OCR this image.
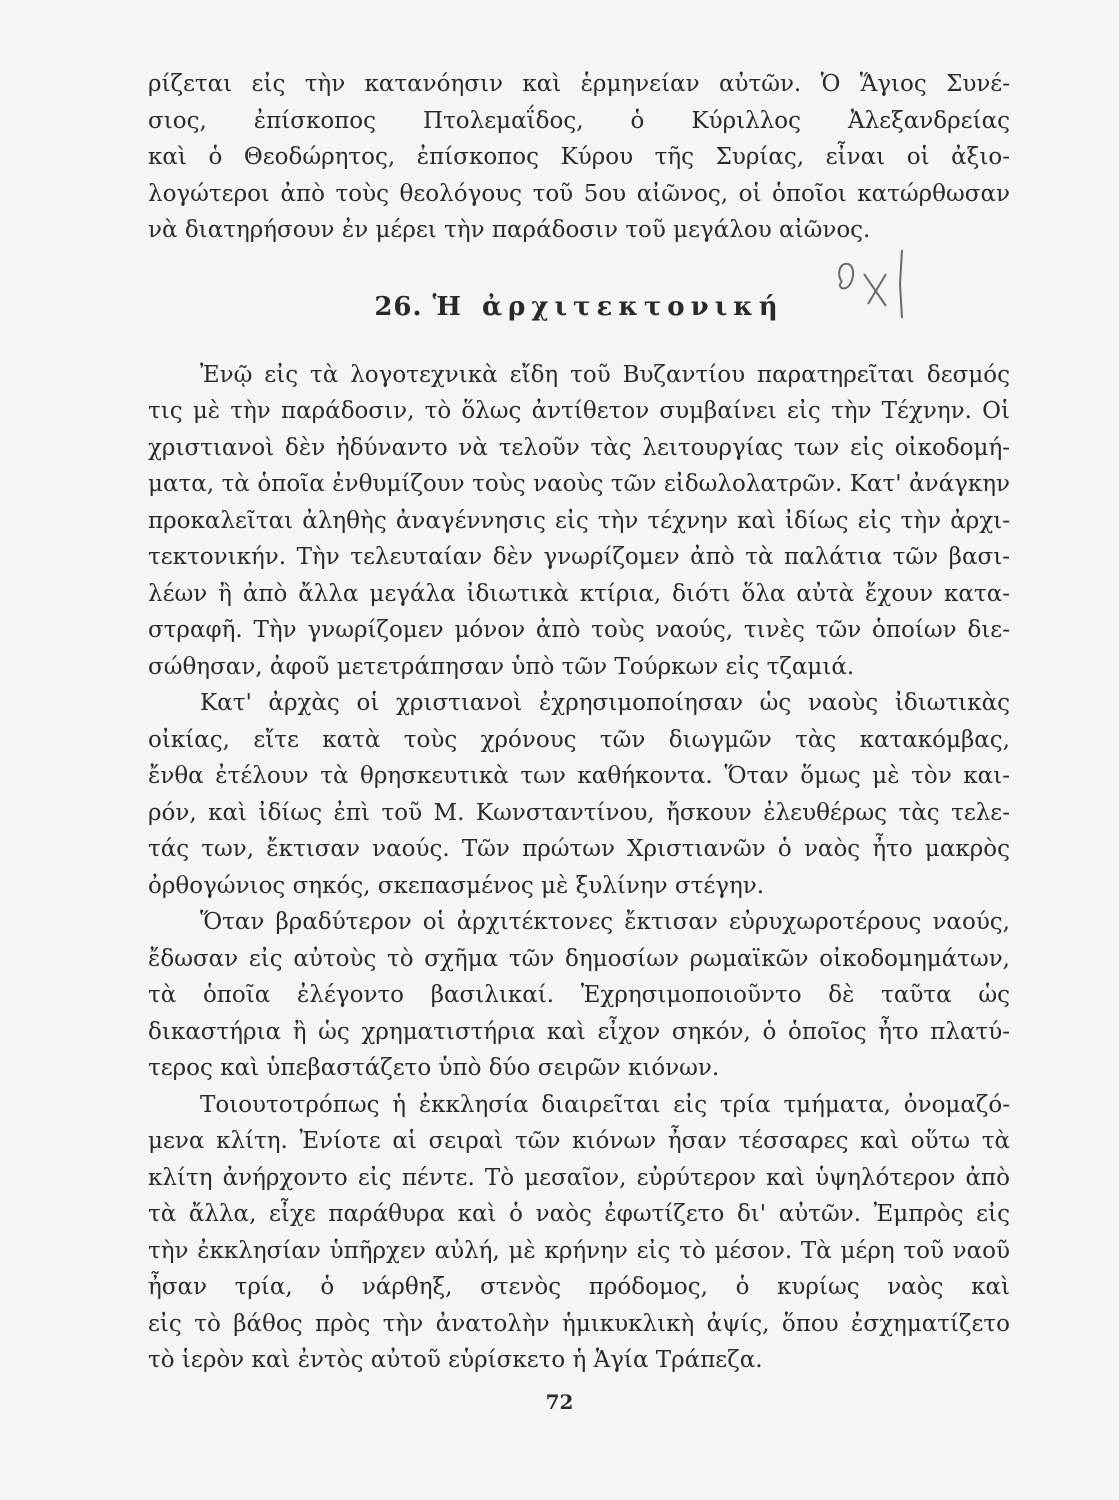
ρίζεται εἰς τὴν κατανόησιν καὶ ἑρμηνείαν αὐτῶν. Ὁ Ἅγιος Συνέ-
σιος, ἐπίσκοπος Πτολεμαΐδος, ὁ Κύριλλος Ἀλεξανδρείας
καὶ ὁ Θεοδώρητος, ἐπίσκοπος Κύρου τῆς Συρίας, εἶναι οἱ ἀξιο-
λογώτεροι ἀπὸ τοὺς θεολόγους τοῦ 5ου αἰῶνος, οἱ ὁποῖοι κατώρθωσαν
νὰ διατηρήσουν ἐν μέρει τὴν παράδοσιν τοῦ μεγάλου αἰῶνος.
26. Ἡ ἀρχιτεκτονική
Ἐνῷ εἰς τὰ λογοτεχνικὰ εἴδη τοῦ Βυζαντίου παρατηρεῖται δεσμός
τις μὲ τὴν παράδοσιν, τὸ ὅλως ἀντίθετον συμβαίνει εἰς τὴν Τέχνην. Οἱ
χριστιανοὶ δὲν ἠδύναντο νὰ τελοῦν τὰς λειτουργίας των εἰς οἰκοδομή-
ματα, τὰ ὁποῖα ἐνθυμίζουν τοὺς ναοὺς τῶν εἰδωλολατρῶν. Κατ' ἀνάγκην
προκαλεῖται ἀληθὴς ἀναγέννησις εἰς τὴν τέχνην καὶ ἰδίως εἰς τὴν ἀρχι-
τεκτονικήν. Τὴν τελευταίαν δὲν γνωρίζομεν ἀπὸ τὰ παλάτια τῶν βασι-
λέων ἢ ἀπὸ ἄλλα μεγάλα ἰδιωτικὰ κτίρια, διότι ὅλα αὐτὰ ἔχουν κατα-
στραφῆ. Τὴν γνωρίζομεν μόνον ἀπὸ τοὺς ναούς, τινὲς τῶν ὁποίων διε-
σώθησαν, ἀφοῦ μετετράπησαν ὑπὸ τῶν Τούρκων εἰς τζαμιά.
Κατ' ἀρχὰς οἱ χριστιανοὶ ἐχρησιμοποίησαν ὡς ναοὺς ἰδιωτικὰς
οἰκίας, εἴτε κατὰ τοὺς χρόνους τῶν διωγμῶν τὰς κατακόμβας,
ἔνθα ἐτέλουν τὰ θρησκευτικὰ των καθήκοντα. Ὅταν ὅμως μὲ τὸν και-
ρόν, καὶ ἰδίως ἐπὶ τοῦ Μ. Κωνσταντίνου, ἤσκουν ἐλευθέρως τὰς τελε-
τάς των, ἔκτισαν ναούς. Τῶν πρώτων Χριστιανῶν ὁ ναὸς ἦτο μακρὸς
ὀρθογώνιος σηκός, σκεπασμένος μὲ ξυλίνην στέγην.
Ὅταν βραδύτερον οἱ ἀρχιτέκτονες ἔκτισαν εὐρυχωροτέρους ναούς,
ἔδωσαν εἰς αὐτοὺς τὸ σχῆμα τῶν δημοσίων ρωμαϊκῶν οἰκοδομημάτων,
τὰ ὁποῖα ἐλέγοντο βασιλικαί. Ἐχρησιμοποιοῦντο δὲ ταῦτα ὡς
δικαστήρια ἢ ὡς χρηματιστήρια καὶ εἶχον σηκόν, ὁ ὁποῖος ἦτο πλατύ-
τερος καὶ ὑπεβαστάζετο ὑπὸ δύο σειρῶν κιόνων.
Τοιουτοτρόπως ἡ ἐκκλησία διαιρεῖται εἰς τρία τμήματα, ὀνομαζό-
μενα κλίτη. Ἐνίοτε αἱ σειραὶ τῶν κιόνων ἦσαν τέσσαρες καὶ οὕτω τὰ
κλίτη ἀνήρχοντο εἰς πέντε. Τὸ μεσαῖον, εὐρύτερον καὶ ὑψηλότερον ἀπὸ
τὰ ἄλλα, εἶχε παράθυρα καὶ ὁ ναὸς ἐφωτίζετο δι' αὐτῶν. Ἐμπρὸς εἰς
τὴν ἐκκλησίαν ὑπῆρχεν αὐλή, μὲ κρήνην εἰς τὸ μέσον. Τὰ μέρη τοῦ ναοῦ
ἦσαν τρία, ὁ νάρθηξ, στενὸς πρόδομος, ὁ κυρίως ναὸς καὶ
εἰς τὸ βάθος πρὸς τὴν ἀνατολὴν ἡμικυκλικὴ ἀψίς, ὅπου ἐσχηματίζετο
τὸ ἱερὸν καὶ ἐντὸς αὐτοῦ εὑρίσκετο ἡ Ἁγία Τράπεζα.
72
